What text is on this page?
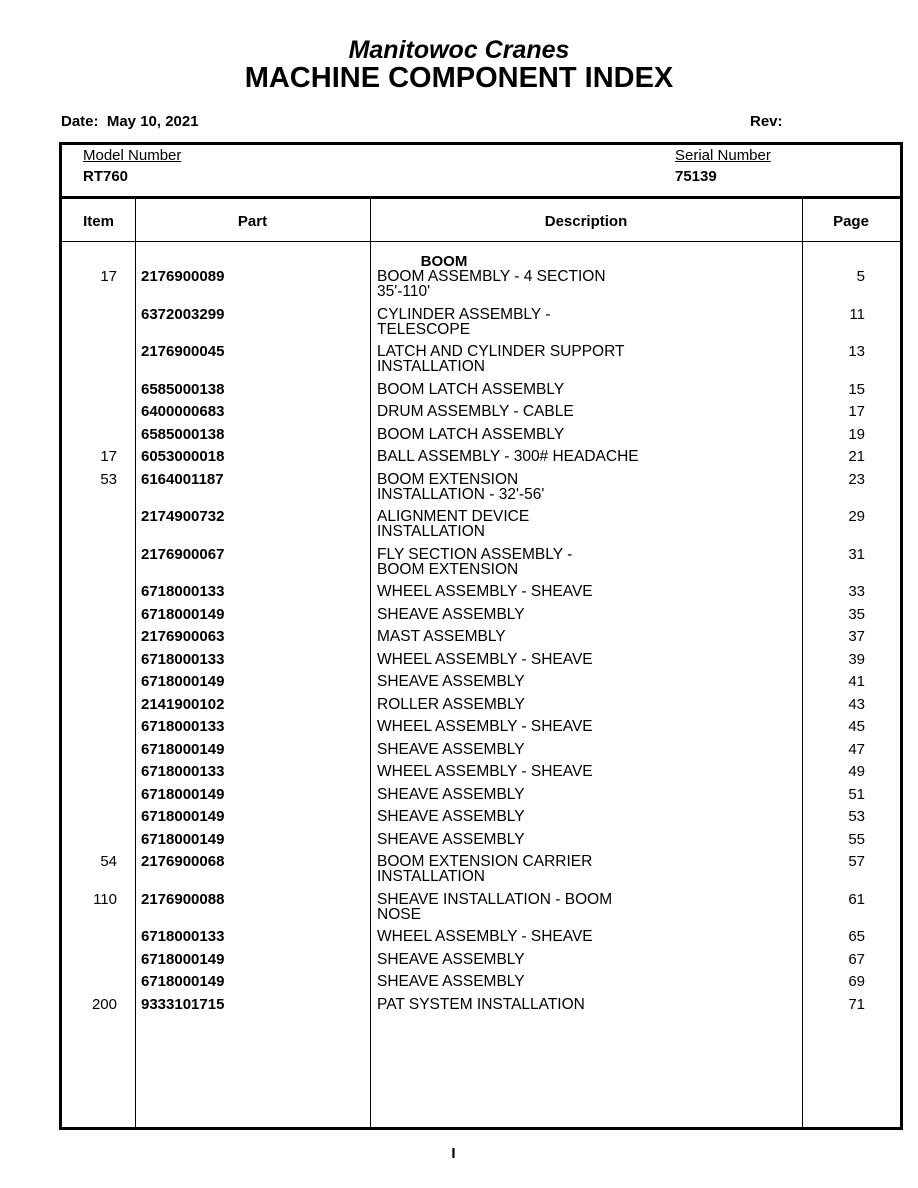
Manitowoc Cranes
MACHINE COMPONENT INDEX
Date:  May 10, 2021	Rev:
Model Number
RT760
Serial Number
75139
Item	Part	Description	Page
BOOM
17 2176900089	BOOM ASSEMBLY - 4 SECTION	5
35'-110'
6372003299	CYLINDER ASSEMBLY -	11
TELESCOPE
2176900045	LATCH AND CYLINDER SUPPORT	13
INSTALLATION
6585000138	BOOM LATCH ASSEMBLY	15
6400000683	DRUM ASSEMBLY - CABLE	17
6585000138	BOOM LATCH ASSEMBLY	19
17 6053000018	BALL ASSEMBLY - 300# HEADACHE	21
53 6164001187	BOOM EXTENSION	23
INSTALLATION - 32'-56'
2174900732	ALIGNMENT DEVICE	29
INSTALLATION
2176900067	FLY SECTION ASSEMBLY -	31
BOOM EXTENSION
6718000133	WHEEL ASSEMBLY - SHEAVE	33
6718000149	SHEAVE ASSEMBLY	35
2176900063	MAST ASSEMBLY	37
6718000133	WHEEL ASSEMBLY - SHEAVE	39
6718000149	SHEAVE ASSEMBLY	41
2141900102	ROLLER ASSEMBLY	43
6718000133	WHEEL ASSEMBLY - SHEAVE	45
6718000149	SHEAVE ASSEMBLY	47
6718000133	WHEEL ASSEMBLY - SHEAVE	49
6718000149	SHEAVE ASSEMBLY	51
6718000149	SHEAVE ASSEMBLY	53
6718000149	SHEAVE ASSEMBLY	55
54 2176900068	BOOM EXTENSION CARRIER	57
INSTALLATION
110 2176900088	SHEAVE INSTALLATION - BOOM	61
NOSE
6718000133	WHEEL ASSEMBLY - SHEAVE	65
6718000149	SHEAVE ASSEMBLY	67
6718000149	SHEAVE ASSEMBLY	69
200 9333101715	PAT SYSTEM INSTALLATION	71
I
